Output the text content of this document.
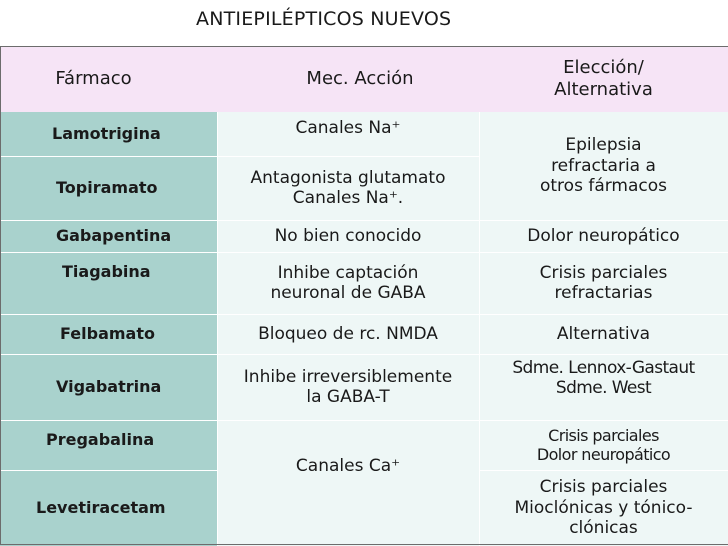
ANTIEPILÉPTICOS NUEVOS
Fármaco	Mec. Acción
Elección/
Alternativa
Lamotrigina
Topiramato
Gabapentina
Tiagabina
Felbamato
Vigabatrina
Pregabalina
Levetiracetam
Canales Na⁺
Antagonista glutamato
Canales Na⁺.
No bien conocido
Inhibe captación
neuronal de GABA
Bloqueo de rc. NMDA
Inhibe irreversiblemente
la GABA-T
Canales Ca⁺
Epilepsia
refractaria a
otros fármacos
Dolor neuropático
Crisis parciales
refractarias
Alternativa
Sdme. Lennox-Gastaut
Sdme. West
Crisis parciales
Dolor neuropático
Crisis parciales
Mioclónicas y tónico-
clónicas
